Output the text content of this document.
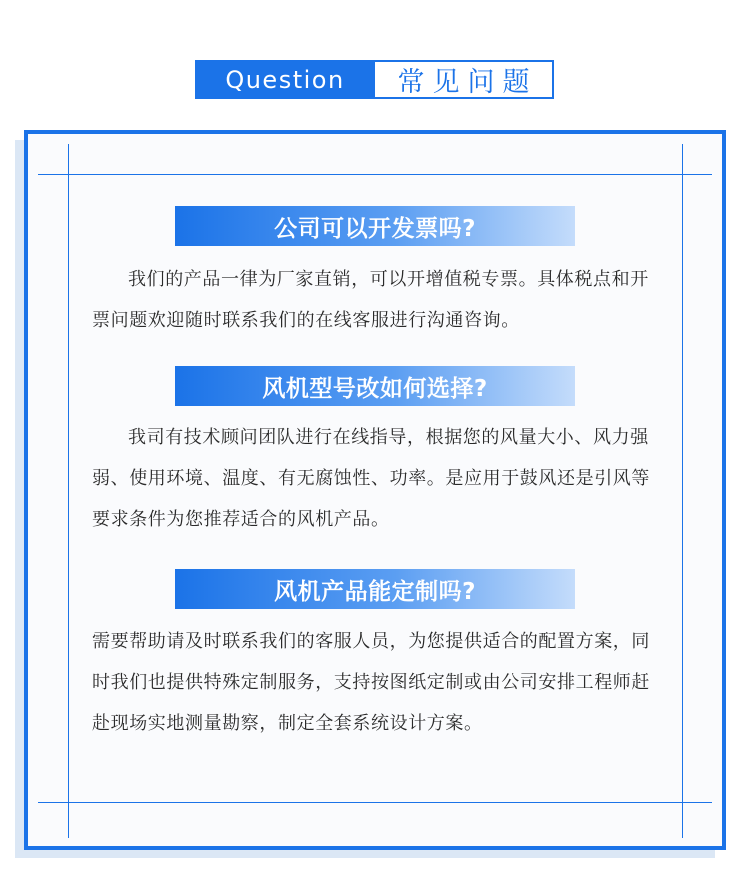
Question	常见问题
公司可以开发票吗?
我们的产品一律为厂家直销，可以开增值税专票。具体税点和开票问题欢迎随时联系我们的在线客服进行沟通咨询。
风机型号改如何选择?
我司有技术顾问团队进行在线指导，根据您的风量大小、风力强弱、使用环境、温度、有无腐蚀性、功率。是应用于鼓风还是引风等要求条件为您推荐适合的风机产品。
风机产品能定制吗?
需要帮助请及时联系我们的客服人员，为您提供适合的配置方案，同时我们也提供特殊定制服务，支持按图纸定制或由公司安排工程师赶赴现场实地测量勘察，制定全套系统设计方案。
